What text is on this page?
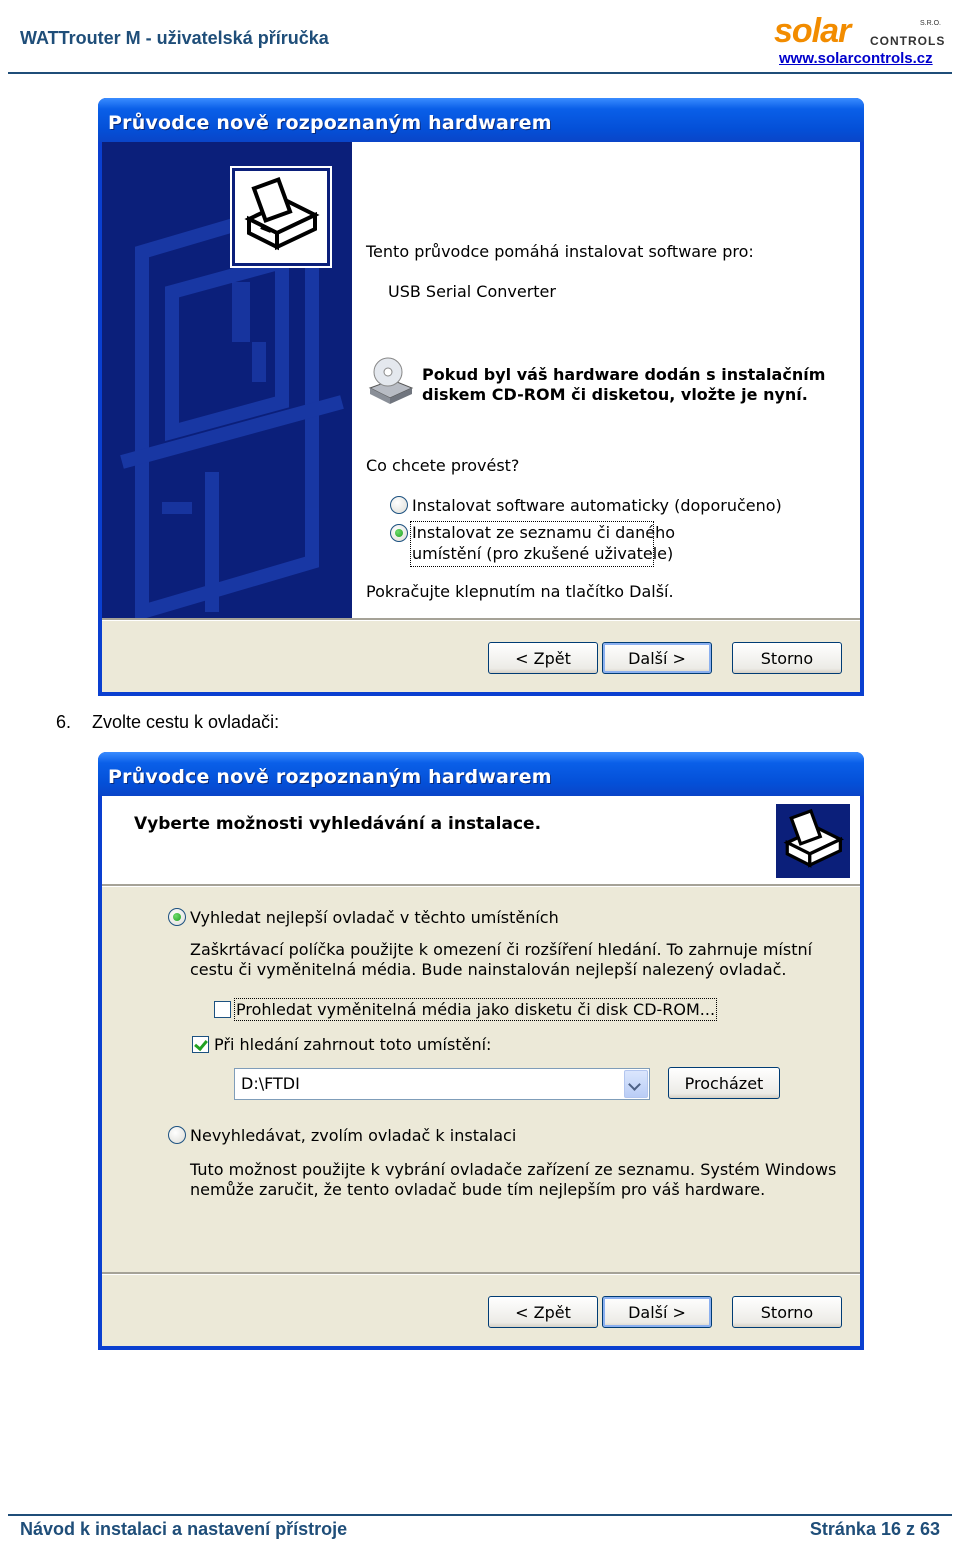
WATTrouter M - uživatelská příručka	solar	S.R.O.
CONTROLS
www.solarcontrols.cz
Průvodce nově rozpoznaným hardwarem
Tento průvodce pomáhá instalovat software pro:
USB Serial Converter
Pokud byl váš hardware dodán s instalačním
diskem CD-ROM či disketou, vložte je nyní.
Co chcete provést?
Instalovat software automaticky (doporučeno)
Instalovat ze seznamu či daného
umístění (pro zkušené uživatele)
Pokračujte klepnutím na tlačítko Další.
< Zpět	Další >	Storno
6. Zvolte cestu k ovladači:
Průvodce nově rozpoznaným hardwarem
Vyberte možnosti vyhledávání a instalace.
Vyhledat nejlepší ovladač v těchto umístěních
Zaškrtávací políčka použijte k omezení či rozšíření hledání. To zahrnuje místní
cestu či vyměnitelná média. Bude nainstalován nejlepší nalezený ovladač.
Prohledat vyměnitelná média jako disketu či disk CD-ROM...
Při hledání zahrnout toto umístění:
D:\FTDI	Procházet
Nevyhledávat, zvolím ovladač k instalaci
Tuto možnost použijte k vybrání ovladače zařízení ze seznamu. Systém Windows
nemůže zaručit, že tento ovladač bude tím nejlepším pro váš hardware.
< Zpět	Další >	Storno
Návod k instalaci a nastavení přístroje	Stránka 16 z 63
